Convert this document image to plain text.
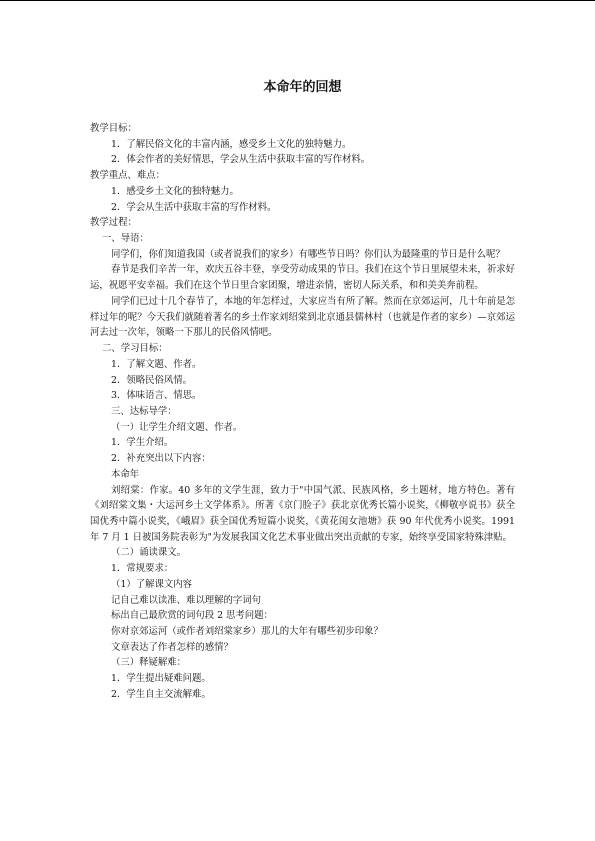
本命年的回想
教学目标：
1．了解民俗文化的丰富内涵，感受乡土文化的独特魅力。
2．体会作者的美好情思，学会从生活中获取丰富的写作材料。
教学重点、难点：
1．感受乡土文化的独特魅力。
2．学会从生活中获取丰富的写作材料。
教学过程：
一、导语：
同学们，你们知道我国（或者说我们的家乡）有哪些节日吗？你们认为最隆重的节日是什么呢？
春节是我们辛苦一年，欢庆五谷丰登，享受劳动成果的节日。我们在这个节日里展望未来，祈求好运，祝愿平安幸福。我们在这个节日里合家团聚，增进亲情，密切人际关系，和和美美奔前程。
同学们已过十几个春节了，本地的年怎样过，大家应当有所了解。然而在京郊运河，几十年前是怎样过年的呢？今天我们就随着著名的乡土作家刘绍棠到北京通县儒林村（也就是作者的家乡）—京郊运河去过一次年，领略一下那儿的民俗风情吧。
二、学习目标：
1．了解文题、作者。
2．领略民俗风情。
3．体味语言、情思。
三、达标导学：
（一）让学生介绍文题、作者。
1．学生介绍。
2．补充突出以下内容：
本命年
刘绍棠：作家。40 多年的文学生涯，致力于"中国气派、民族风格，乡土题材，地方特色。著有《刘绍棠文集・大运河乡土文学体系》。所著《京门脸子》获北京优秀长篇小说奖，《柳敬亭说书》获全国优秀中篇小说奖，《峨眉》获全国优秀短篇小说奖，《黄花闺女池塘》获 90 年代优秀小说奖。1991 年 7 月 1 日被国务院表彰为"为发展我国文化艺术事业做出突出贡献的专家，始终享受国家特殊津贴。
（二）诵读课文。
1．常规要求：
（1）了解课文内容
记自己难以读准、难以理解的字词句
标出自己最欣赏的词句段 2 思考问题：
你对京郊运河（或作者刘绍棠家乡）那儿的大年有哪些初步印象？
文章表达了作者怎样的感情？
（三）释疑解难：
1．学生提出疑难问题。
2．学生自主交流解难。
